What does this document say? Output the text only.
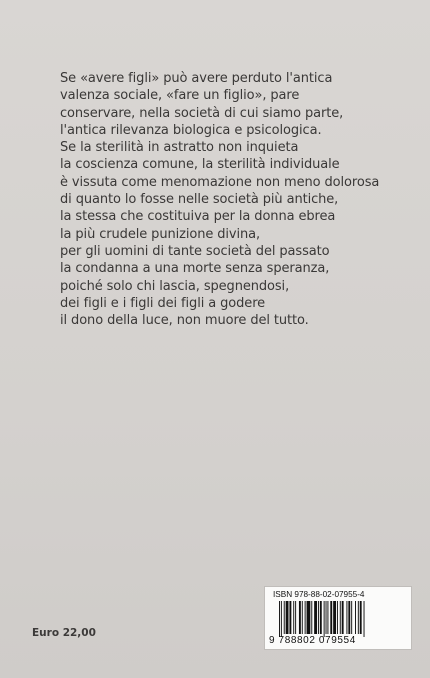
Se «avere figli» può avere perduto l'antica
valenza sociale, «fare un figlio», pare
conservare, nella società di cui siamo parte,
l'antica rilevanza biologica e psicologica.
Se la sterilità in astratto non inquieta
la coscienza comune, la sterilità individuale
è vissuta come menomazione non meno dolorosa
di quanto lo fosse nelle società più antiche,
la stessa che costituiva per la donna ebrea
la più crudele punizione divina,
per gli uomini di tante società del passato
la condanna a una morte senza speranza,
poiché solo chi lascia, spegnendosi,
dei figli e i figli dei figli a godere
il dono della luce, non muore del tutto.
Euro 22,00
ISBN 978-88-02-07955-4
9 788802 079554
